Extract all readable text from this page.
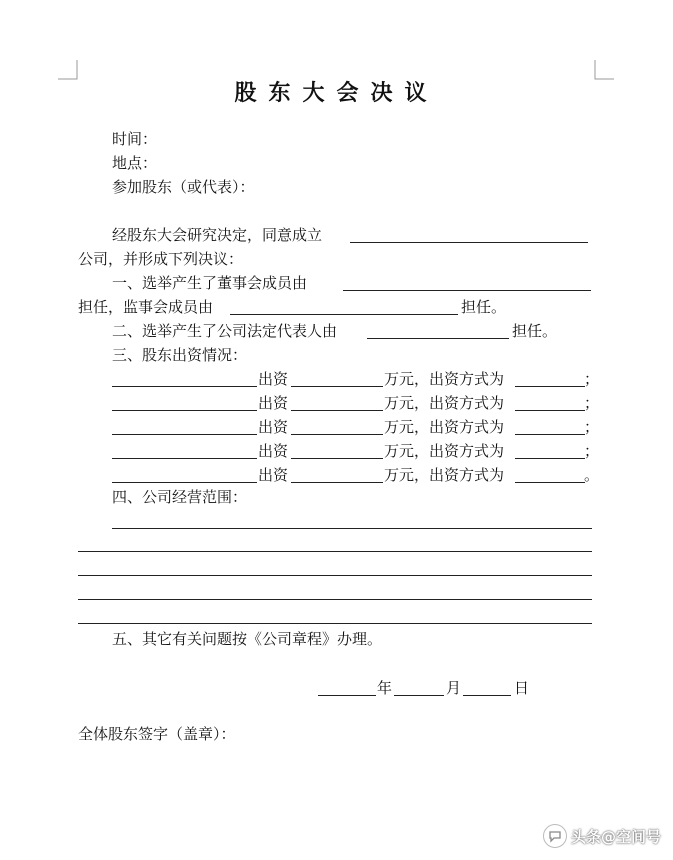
股东大会决议
时间：
地点：
参加股东（或代表）：
经股东大会研究决定，同意成立
公司，并形成下列决议：
一、选举产生了董事会成员由
担任，监事会成员由	担任。
二、选举产生了公司法定代表人由	担任。
三、股东出资情况：
出资	万元，出资方式为	；
出资	万元，出资方式为	；
出资	万元，出资方式为	；
出资	万元，出资方式为	；
出资	万元，出资方式为	。
四、公司经营范围：
五、其它有关问题按《公司章程》办理。
年	月	日
全体股东签字（盖章）：
头条@空间号
